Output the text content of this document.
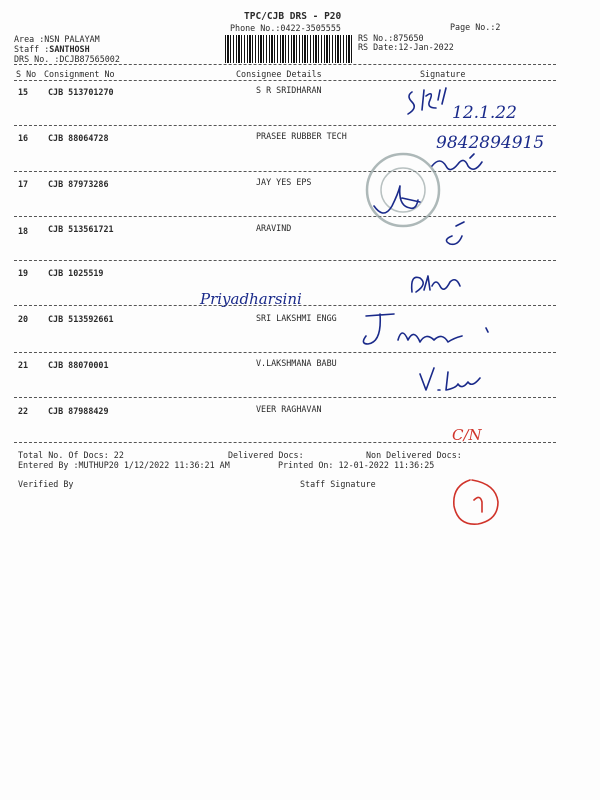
TPC/CJB DRS - P20
Phone No.:0422-3505555	Page No.:2
Area :NSN PALAYAM
Staff :SANTHOSH
DRS No. :DCJB87565002
RS No.:875650
RS Date:12-Jan-2022
S No Consignment No	Consignee Details	Signature
15 CJB 513701270	S R SRIDHARAN
16 CJB 88064728	PRASEE RUBBER TECH
17 CJB 87973286	JAY YES EPS
18 CJB 513561721	ARAVIND
19 CJB 1025519
20 CJB 513592661	SRI LAKSHMI ENGG
21 CJB 88070001	V.LAKSHMANA BABU
22 CJB 87988429	VEER RAGHAVAN
Total No. Of Docs: 22	Delivered Docs:	Non Delivered Docs:
Entered By :MUTHUP20 1/12/2022 11:36:21 AM	Printed On: 12-01-2022 11:36:25
Verified By	Staff Signature
12.1.22
9842894915
Priyadharsini
C/N
